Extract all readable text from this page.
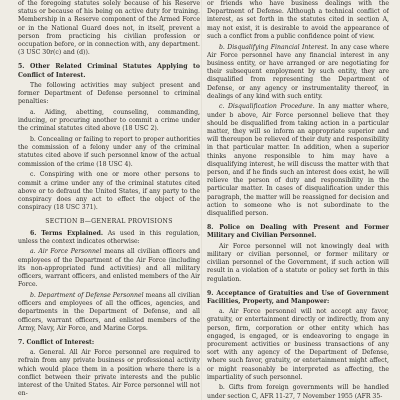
of the foregoing statutes solely because of his Reserve status or because of his being on active duty for training. Membership in a Reserve component of the Armed Force or in the National Guard does not, in itself, prevent a person from practicing his civilian profession or occupation before, or in connection with, any department. (3 USC 30r(c) and (d)).

5. Other Related Criminal Statutes Applying to Conflict of Interest.

The following activities may subject present and former Department of Defense personnel to criminal penalties:

a. Aiding, abetting, counseling, commanding, inducing, or procuring another to commit a crime under the criminal statutes cited above (18 USC 2).

b. Concealing or failing to report to proper authorities the commission of a felony under any of the criminal statutes cited above if such personnel know of the actual commission of the crime (18 USC 4).

c. Conspiring with one or more other persons to commit a crime under any of the criminal statutes cited above or to defraud the United States, if any party to the conspiracy does any act to effect the object of the conspiracy (18 USC 371).

SECTION B—GENERAL PROVISIONS

6. Terms Explained. As used in this regulation, unless the context indicates otherwise:

a. Air Force Personnel means all civilian officers and employees of the Department of the Air Force (including its non-appropriated fund activities) and all military officers, warrant officers, and enlisted members of the Air Force.

b. Department of Defense Personnel means all civilian officers and employees of all the offices, agencies, and departments in the Department of Defense, and all officers, warrant officers, and enlisted members of the Army, Navy, Air Force, and Marine Corps.

7. Conflict of Interest:

a. General. All Air Force personnel are required to refrain from any private business or professional activity which would place them in a position where there is a conflict between their private interests and the public interest of the United States. Air Force personnel will not en-

or friends who have business dealings with the Department of Defense. Although a technical conflict of interest, as set forth in the statutes cited in section A, may not exist, it is desirable to avoid the appearance of such a conflict from a public confidence point of view.

b. Disqualifying Financial Interest. In any case where Air Force personnel have any financial interest in any business entity, or have arranged or are negotiating for their subsequent employment by such entity, they are disqualified from representing the Department of Defense, or any agency or instrumentality thereof, in dealings of any kind with such entity.

c. Disqualification Procedure. In any matter where, under b above, Air Force personnel believe that they should be disqualified from taking action in a particular matter, they will so inform an appropriate superior and will thereupon be relieved of their duty and responsibility in that particular matter. In addition, when a superior thinks anyone responsible to him may have a disqualifying interest, he will discuss the matter with that person, and if he finds such an interest does exist, he will relieve the person of duty and responsibility in the particular matter. In cases of disqualification under this paragraph, the matter will be reassigned for decision and action to someone who is not subordinate to the disqualified person.

8. Police on Dealing with Present and Former Military and Civilian Personnel.

Air Force personnel will not knowingly deal with military or civilian personnel, or former military or civilian personnel of the Government, if such action will result in a violation of a statute or policy set forth in this regulation.

9. Acceptance of Gratuities and Use of Government Facilities, Property, and Manpower:

a. Air Force personnel will not accept any favor, gratuity, or entertainment directly or indirectly, from any person, firm, corporation or other entity which has engaged, is engaged, or is endeavoring to engage in procurement activities or business transactions of any sort with any agency of the Department of Defense, where such favor, gratuity, or entertainment might affect, or might reasonably be interpreted as affecting, the impartiality of such personnel.

b. Gifts from foreign governments will be handled under section C, AFR 11-27, 7 November 1955 (AFR 35-
